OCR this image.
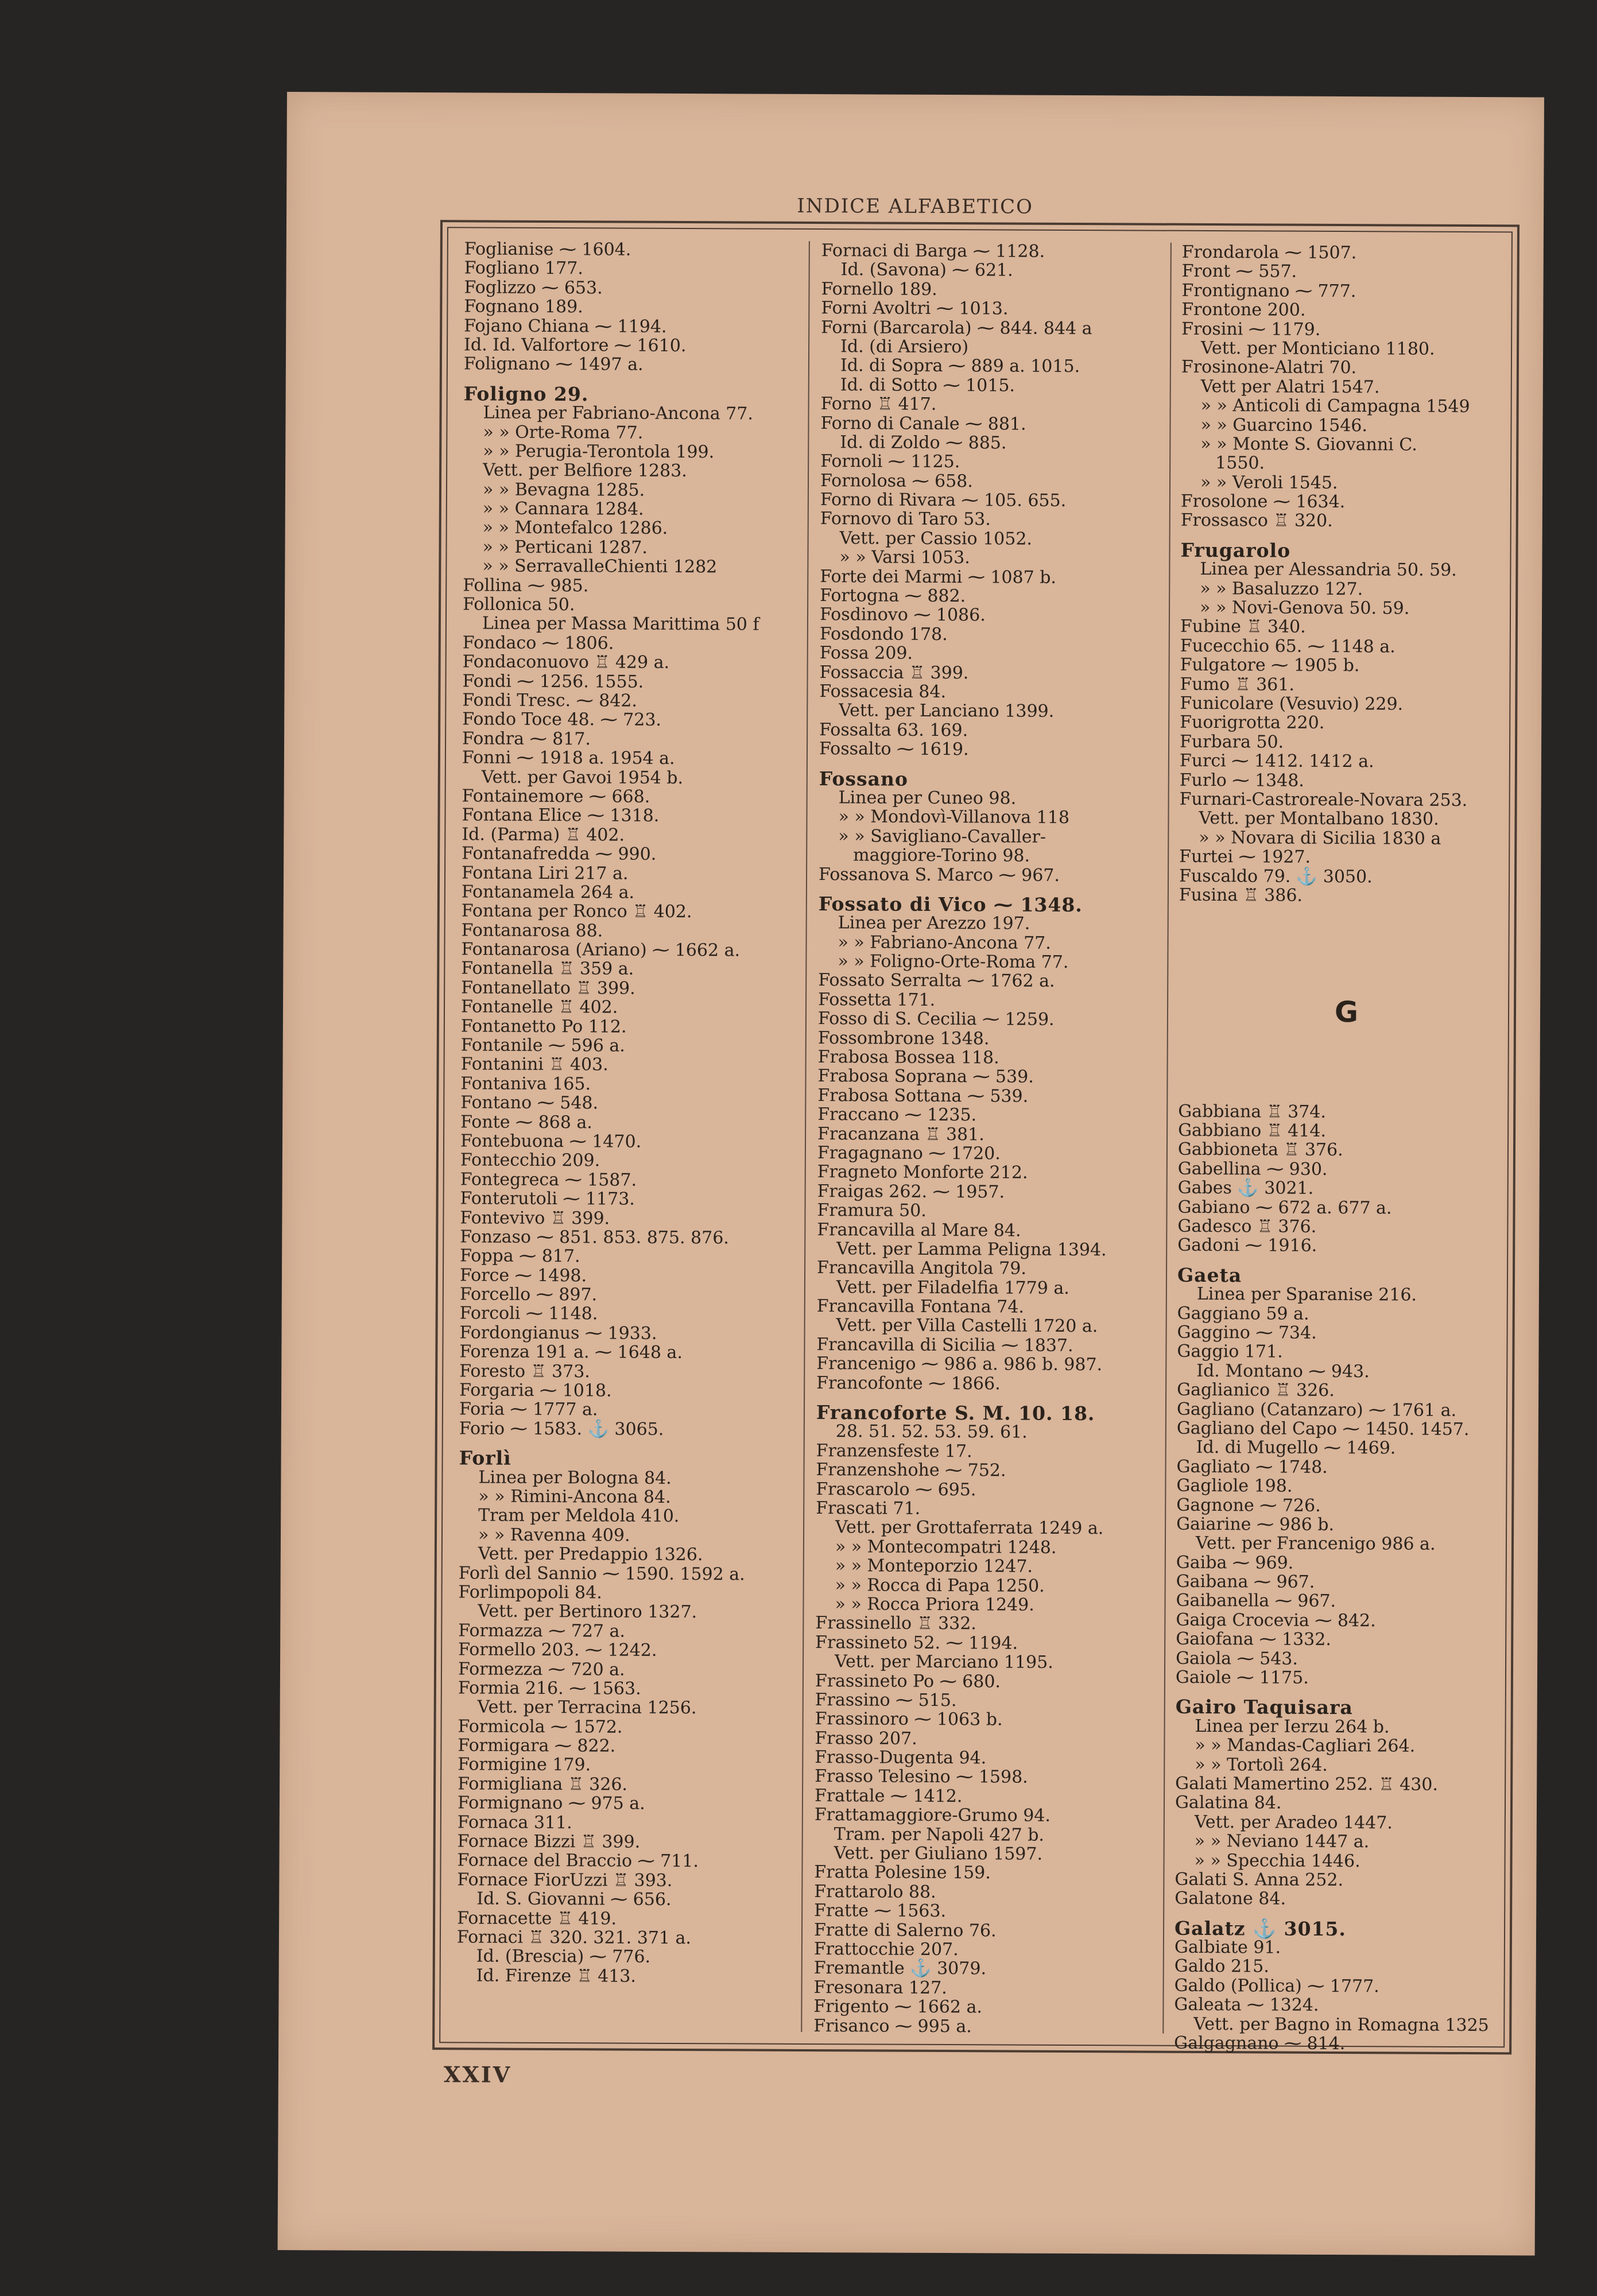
INDICE ALFABETICO
Foglianise ⁓ 1604.
Fogliano 177.
Foglizzo ⁓ 653.
Fognano 189.
Fojano Chiana ⁓ 1194.
Id. Id. Valfortore ⁓ 1610.
Folignano ⁓ 1497 a.
Foligno 29.
Linea per Fabriano-Ancona 77.
» » Orte-Roma 77.
» » Perugia-Terontola 199.
Vett. per Belfiore 1283.
» » Bevagna 1285.
» » Cannara 1284.
» » Montefalco 1286.
» » Perticani 1287.
» » SerravalleChienti 1282
Follina ⁓ 985.
Follonica 50.
Linea per Massa Marittima 50 f
Fondaco ⁓ 1806.
Fondaconuovo ♖ 429 a.
Fondi ⁓ 1256. 1555.
Fondi Tresc. ⁓ 842.
Fondo Toce 48. ⁓ 723.
Fondra ⁓ 817.
Fonni ⁓ 1918 a. 1954 a.
Vett. per Gavoi 1954 b.
Fontainemore ⁓ 668.
Fontana Elice ⁓ 1318.
Id. (Parma) ♖ 402.
Fontanafredda ⁓ 990.
Fontana Liri 217 a.
Fontanamela 264 a.
Fontana per Ronco ♖ 402.
Fontanarosa 88.
Fontanarosa (Ariano) ⁓ 1662 a.
Fontanella ♖ 359 a.
Fontanellato ♖ 399.
Fontanelle ♖ 402.
Fontanetto Po 112.
Fontanile ⁓ 596 a.
Fontanini ♖ 403.
Fontaniva 165.
Fontano ⁓ 548.
Fonte ⁓ 868 a.
Fontebuona ⁓ 1470.
Fontecchio 209.
Fontegreca ⁓ 1587.
Fonterutoli ⁓ 1173.
Fontevivo ♖ 399.
Fonzaso ⁓ 851. 853. 875. 876.
Foppa ⁓ 817.
Force ⁓ 1498.
Forcello ⁓ 897.
Forcoli ⁓ 1148.
Fordongianus ⁓ 1933.
Forenza 191 a. ⁓ 1648 a.
Foresto ♖ 373.
Forgaria ⁓ 1018.
Foria ⁓ 1777 a.
Forio ⁓ 1583. ⚓ 3065.
Forlì
Linea per Bologna 84.
» » Rimini-Ancona 84.
Tram per Meldola 410.
» » Ravenna 409.
Vett. per Predappio 1326.
Forlì del Sannio ⁓ 1590. 1592 a.
Forlimpopoli 84.
Vett. per Bertinoro 1327.
Formazza ⁓ 727 a.
Formello 203. ⁓ 1242.
Formezza ⁓ 720 a.
Formia 216. ⁓ 1563.
Vett. per Terracina 1256.
Formicola ⁓ 1572.
Formigara ⁓ 822.
Formigine 179.
Formigliana ♖ 326.
Formignano ⁓ 975 a.
Fornaca 311.
Fornace Bizzi ♖ 399.
Fornace del Braccio ⁓ 711.
Fornace FiorUzzi ♖ 393.
Id. S. Giovanni ⁓ 656.
Fornacette ♖ 419.
Fornaci ♖ 320. 321. 371 a.
Id. (Brescia) ⁓ 776.
Id. Firenze ♖ 413.
Fornaci di Barga ⁓ 1128.
Id. (Savona) ⁓ 621.
Fornello 189.
Forni Avoltri ⁓ 1013.
Forni (Barcarola) ⁓ 844. 844 a
Id. (di Arsiero)
Id. di Sopra ⁓ 889 a. 1015.
Id. di Sotto ⁓ 1015.
Forno ♖ 417.
Forno di Canale ⁓ 881.
Id. di Zoldo ⁓ 885.
Fornoli ⁓ 1125.
Fornolosa ⁓ 658.
Forno di Rivara ⁓ 105. 655.
Fornovo di Taro 53.
Vett. per Cassio 1052.
» » Varsi 1053.
Forte dei Marmi ⁓ 1087 b.
Fortogna ⁓ 882.
Fosdinovo ⁓ 1086.
Fosdondo 178.
Fossa 209.
Fossaccia ♖ 399.
Fossacesia 84.
Vett. per Lanciano 1399.
Fossalta 63. 169.
Fossalto ⁓ 1619.
Fossano
Linea per Cuneo 98.
» » Mondovì-Villanova 118
» » Savigliano-Cavaller-
maggiore-Torino 98.
Fossanova S. Marco ⁓ 967.
Fossato di Vico ⁓ 1348.
Linea per Arezzo 197.
» » Fabriano-Ancona 77.
» » Foligno-Orte-Roma 77.
Fossato Serralta ⁓ 1762 a.
Fossetta 171.
Fosso di S. Cecilia ⁓ 1259.
Fossombrone 1348.
Frabosa Bossea 118.
Frabosa Soprana ⁓ 539.
Frabosa Sottana ⁓ 539.
Fraccano ⁓ 1235.
Fracanzana ♖ 381.
Fragagnano ⁓ 1720.
Fragneto Monforte 212.
Fraigas 262. ⁓ 1957.
Framura 50.
Francavilla al Mare 84.
Vett. per Lamma Peligna 1394.
Francavilla Angitola 79.
Vett. per Filadelfia 1779 a.
Francavilla Fontana 74.
Vett. per Villa Castelli 1720 a.
Francavilla di Sicilia ⁓ 1837.
Francenigo ⁓ 986 a. 986 b. 987.
Francofonte ⁓ 1866.
Francoforte S. M. 10. 18.
28. 51. 52. 53. 59. 61.
Franzensfeste 17.
Franzenshohe ⁓ 752.
Frascarolo ⁓ 695.
Frascati 71.
Vett. per Grottaferrata 1249 a.
» » Montecompatri 1248.
» » Monteporzio 1247.
» » Rocca di Papa 1250.
» » Rocca Priora 1249.
Frassinello ♖ 332.
Frassineto 52. ⁓ 1194.
Vett. per Marciano 1195.
Frassineto Po ⁓ 680.
Frassino ⁓ 515.
Frassinoro ⁓ 1063 b.
Frasso 207.
Frasso-Dugenta 94.
Frasso Telesino ⁓ 1598.
Frattale ⁓ 1412.
Frattamaggiore-Grumo 94.
Tram. per Napoli 427 b.
Vett. per Giuliano 1597.
Fratta Polesine 159.
Frattarolo 88.
Fratte ⁓ 1563.
Fratte di Salerno 76.
Frattocchie 207.
Fremantle ⚓ 3079.
Fresonara 127.
Frigento ⁓ 1662 a.
Frisanco ⁓ 995 a.
Frondarola ⁓ 1507.
Front ⁓ 557.
Frontignano ⁓ 777.
Frontone 200.
Frosini ⁓ 1179.
Vett. per Monticiano 1180.
Frosinone-Alatri 70.
Vett per Alatri 1547.
» » Anticoli di Campagna 1549
» » Guarcino 1546.
» » Monte S. Giovanni C.
1550.
» » Veroli 1545.
Frosolone ⁓ 1634.
Frossasco ♖ 320.
Frugarolo
Linea per Alessandria 50. 59.
» » Basaluzzo 127.
» » Novi-Genova 50. 59.
Fubine ♖ 340.
Fucecchio 65. ⁓ 1148 a.
Fulgatore ⁓ 1905 b.
Fumo ♖ 361.
Funicolare (Vesuvio) 229.
Fuorigrotta 220.
Furbara 50.
Furci ⁓ 1412. 1412 a.
Furlo ⁓ 1348.
Furnari-Castroreale-Novara 253.
Vett. per Montalbano 1830.
» » Novara di Sicilia 1830 a
Furtei ⁓ 1927.
Fuscaldo 79. ⚓ 3050.
Fusina ♖ 386.
G
Gabbiana ♖ 374.
Gabbiano ♖ 414.
Gabbioneta ♖ 376.
Gabellina ⁓ 930.
Gabes ⚓ 3021.
Gabiano ⁓ 672 a. 677 a.
Gadesco ♖ 376.
Gadoni ⁓ 1916.
Gaeta
Linea per Sparanise 216.
Gaggiano 59 a.
Gaggino ⁓ 734.
Gaggio 171.
Id. Montano ⁓ 943.
Gaglianico ♖ 326.
Gagliano (Catanzaro) ⁓ 1761 a.
Gagliano del Capo ⁓ 1450. 1457.
Id. di Mugello ⁓ 1469.
Gagliato ⁓ 1748.
Gagliole 198.
Gagnone ⁓ 726.
Gaiarine ⁓ 986 b.
Vett. per Francenigo 986 a.
Gaiba ⁓ 969.
Gaibana ⁓ 967.
Gaibanella ⁓ 967.
Gaiga Crocevia ⁓ 842.
Gaiofana ⁓ 1332.
Gaiola ⁓ 543.
Gaiole ⁓ 1175.
Gairo Taquisara
Linea per Ierzu 264 b.
» » Mandas-Cagliari 264.
» » Tortolì 264.
Galati Mamertino 252. ♖ 430.
Galatina 84.
Vett. per Aradeo 1447.
» » Neviano 1447 a.
» » Specchia 1446.
Galati S. Anna 252.
Galatone 84.
Galatz ⚓ 3015.
Galbiate 91.
Galdo 215.
Galdo (Pollica) ⁓ 1777.
Galeata ⁓ 1324.
Vett. per Bagno in Romagna 1325
Galgagnano ⁓ 814.
XXIV
